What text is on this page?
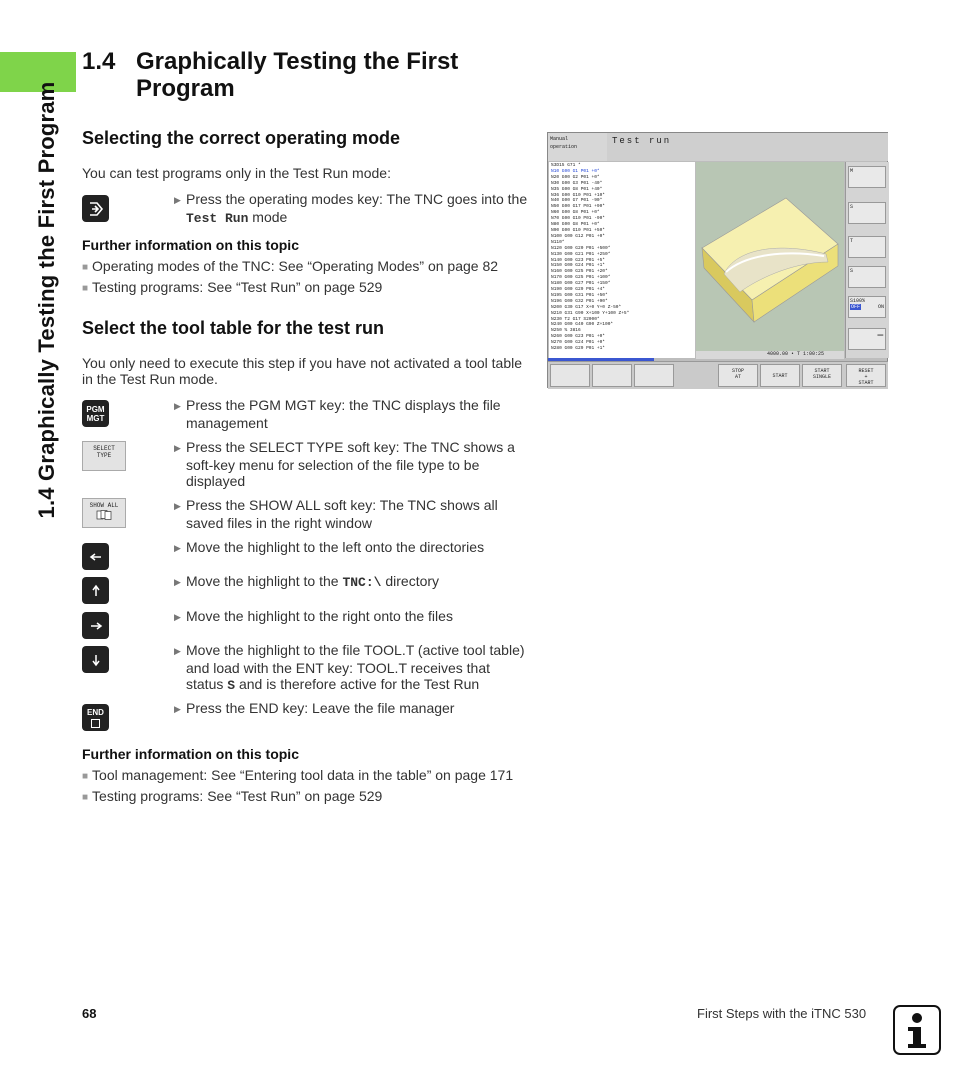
1.4 Graphically Testing the First Program
1.4 Graphically Testing the First
Program
Selecting the correct operating mode
You can test programs only in the Test Run mode:
▶ Press the operating modes key: The TNC goes into the Test Run mode
Further information on this topic
■ Operating modes of the TNC: See “Operating Modes” on page 82
■ Testing programs: See “Test Run” on page 529
Select the tool table for the test run
You only need to execute this step if you have not activated a tool table in the Test Run mode.
PGM
MGT
▶ Press the PGM MGT key: the TNC displays the file management
SELECT
TYPE
▶ Press the SELECT TYPE soft key: The TNC shows a soft-key menu for selection of the file type to be displayed
SHOW ALL	▶ Press the SHOW ALL soft key: The TNC shows all saved files in the right window
▶ Move the highlight to the left onto the directories
▶ Move the highlight to the TNC:\ directory
▶ Move the highlight to the right onto the files
▶ Move the highlight to the file TOOL.T (active tool table) and load with the ENT key: TOOL.T receives that status S and is therefore active for the Test Run
END	▶ Press the END key: Leave the file manager
Further information on this topic
■ Tool management: See “Entering tool data in the table” on page 171
■ Testing programs: See “Test Run” on page 529
Manual
operation
Test run
%3D15 G71 *
N10 G00 G1 P01 +0*
N20 G00 G2 P01 +0*
N30 G00 G3 P01 -40*
N35 G00 G8 P01 +40*
N36 G00 G10 P01 +10*
N40 G00 G7 P01 -90*
N50 G00 G17 P01 +90*
N60 G00 G8 P01 +0*
N70 G00 G10 P01 -90*
N80 G00 G8 P01 +0*
N90 G00 G10 P01 +50*
N100 G00 G12 P01 +0*
N110*
N120 G00 G20 P01 +500*
N130 G00 G21 P01 +250*
N140 G00 G23 P01 +5*
N150 G00 G24 P01 +1*
N160 G00 G25 P01 +20*
N170 G00 G25 P01 +100*
N180 G00 G27 P01 +150*
N190 G00 G29 P01 +4*
N195 G00 G31 P01 +50*
N196 G00 G32 P01 +90*
N200 G30 G17 X+0 Y+0 Z-50*
N210 G31 G90 X+100 Y+100 Z+5*
N230 T2 G17 S2000*
N240 G00 G40 G90 Z+100*
N250 % 3816
N260 G00 G23 P01 +0*
N270 G00 G24 P01 +0*
N280 G00 G29 P01 +1*
4000.00 • T 1:00:25
M
S
T
S
S100%
OFF	ON
−
STOP
AT	START
START
SINGLE
RESET
+
START
68	First Steps with the iTNC 530
